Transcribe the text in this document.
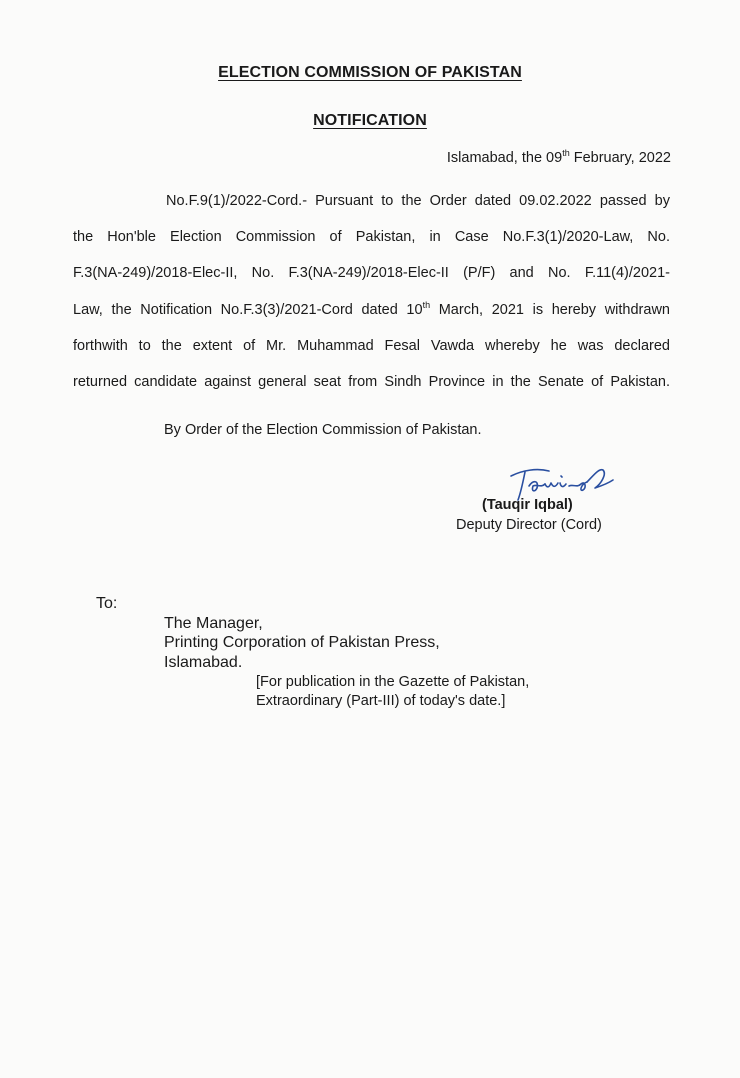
ELECTION COMMISSION OF PAKISTAN
NOTIFICATION
Islamabad, the 09th February, 2022
No.F.9(1)/2022-Cord.- Pursuant to the Order dated 09.02.2022 passed by
the Hon'ble Election Commission of Pakistan, in Case No.F.3(1)/2020-Law, No.
F.3(NA-249)/2018-Elec-II, No. F.3(NA-249)/2018-Elec-II (P/F) and No. F.11(4)/2021-
Law, the Notification No.F.3(3)/2021-Cord dated 10th March, 2021 is hereby withdrawn
forthwith to the extent of Mr. Muhammad Fesal Vawda whereby he was declared
returned candidate against general seat from Sindh Province in the Senate of Pakistan.
By Order of the Election Commission of Pakistan.
(Tauqir Iqbal)
Deputy Director (Cord)
To:
The Manager,
Printing Corporation of Pakistan Press,
Islamabad.
[For publication in the Gazette of Pakistan,
Extraordinary (Part-III) of today's date.]
